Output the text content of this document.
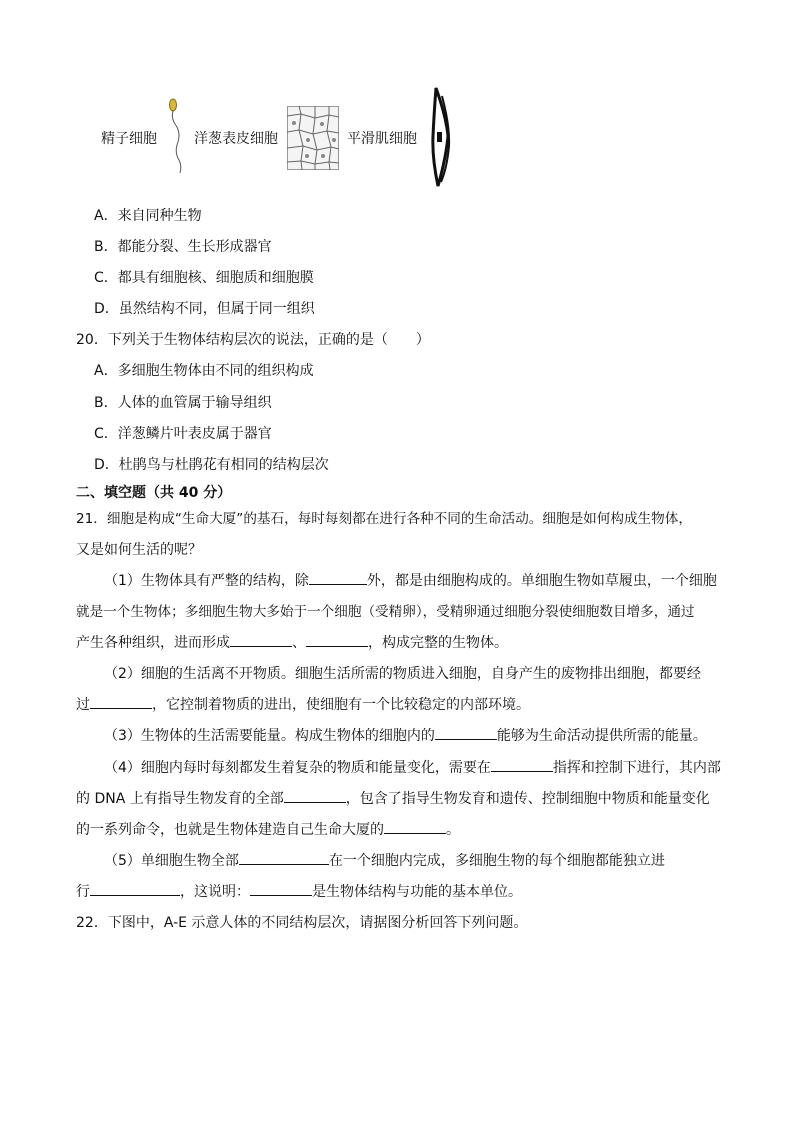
精子细胞	洋葱表皮细胞	平滑肌细胞
A．来自同种生物
B．都能分裂、生长形成器官
C．都具有细胞核、细胞质和细胞膜
D．虽然结构不同，但属于同一组织
20．下列关于生物体结构层次的说法，正确的是（　　）
A．多细胞生物体由不同的组织构成
B．人体的血管属于输导组织
C．洋葱鳞片叶表皮属于器官
D．杜鹃鸟与杜鹃花有相同的结构层次
二、填空题（共 40 分）
21．细胞是构成“生命大厦”的基石，每时每刻都在进行各种不同的生命活动。细胞是如何构成生物体，
又是如何生活的呢？
（1）生物体具有严整的结构，除	外，都是由细胞构成的。单细胞生物如草履虫，一个细胞
就是一个生物体；多细胞生物大多始于一个细胞（受精卵），受精卵通过细胞分裂使细胞数目增多，通过
产生各种组织，进而形成	、	，构成完整的生物体。
（2）细胞的生活离不开物质。细胞生活所需的物质进入细胞，自身产生的废物排出细胞，都要经
过	，它控制着物质的进出，使细胞有一个比较稳定的内部环境。
（3）生物体的生活需要能量。构成生物体的细胞内的	能够为生命活动提供所需的能量。
（4）细胞内每时每刻都发生着复杂的物质和能量变化，需要在	指挥和控制下进行，其内部
的 DNA 上有指导生物发育的全部	，包含了指导生物发育和遗传、控制细胞中物质和能量变化
的一系列命令，也就是生物体建造自己生命大厦的	。
（5）单细胞生物全部	在一个细胞内完成，多细胞生物的每个细胞都能独立进
行	，这说明：	是生物体结构与功能的基本单位。
22．下图中，A-E 示意人体的不同结构层次，请据图分析回答下列问题。
